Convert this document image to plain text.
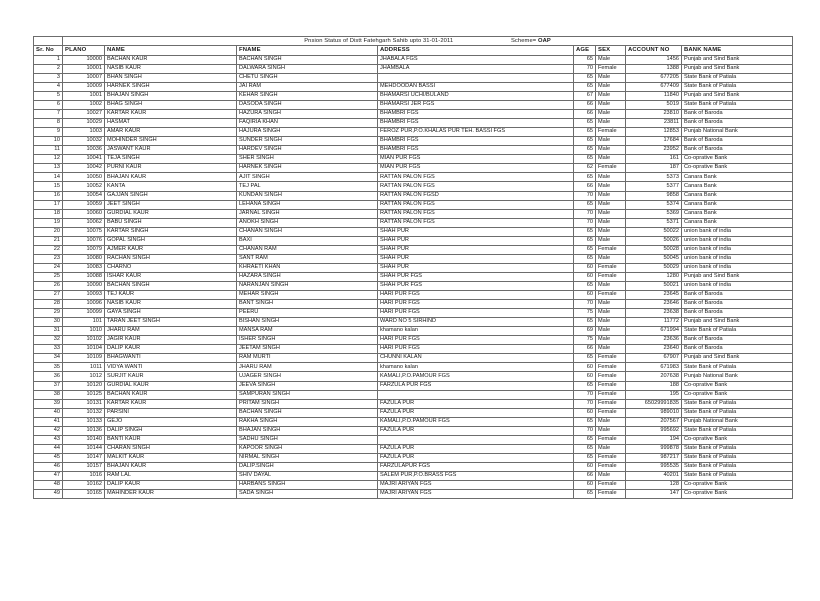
	Pnsion Status of Distt Fatehgarh Sahib upto 31-01-2011 Scheme= OAP							
Sr. No	PLANO	NAME	FNAME	ADDRESS	AGE	SEX	ACCOUNT NO	BANK NAME
1	10000	BACHAN KAUR	BACHAN SINGH	JHABALA FGS	65	Male	1456	Punjab and Sind Bank
2	10001	NASIB KAUR	DALWARA SINGH	JHAMBALA	70	Female	1388	Punjab and Sind Bank
3	10007	BHAN SINGH	CHETU SINGH		65	Male	677205	State Bank of Patiala
4	10009	HARNEK SINGH	JAI RAM	MEHDOODAN BASSI	65	Male	677409	State Bank of Patiala
5	1001	BHAJAN SINGH	KEHAR SINGH	BHAMARSI UCHI/BULAND	67	Male	11840	Punjab and Sind Bank
6	1002	BHAG SINGH	DASODA SINGH	BHAMARSI JER FGS	66	Male	5019	State Bank of Patiala
7	10027	KARTAR KAUR	HAZURA SINGH	BHAMBRI FGS	66	Male	23810	Bank of Baroda
8	10029	HASMAT	FAQIRIA KHAN	BHAMBRI FGS	65	Male	23811	Bank of Baroda
9	1003	AMAR KAUR	HAJURA SINGH	FEROZ PUR,P.O.KHALAS PUR TEH. BASSI FGS	65	Female	12853	Punjab National Bank
10	10032	MOHINDER SINGH	SUNDER SINGH	BHAMBRI FGS	65	Male	17684	Bank of Baroda
11	10036	JASWANT KAUR	HARDEV SINGH	BHAMBRI FGS	65	Male	23952	Bank of Baroda
12	10041	TEJA SINGH	SHER SINGH	MIAN PUR FGS	65	Male	161	Co-oprative Bank
13	10042	PURNI KAUR	HARNEK SINGH	MIAN PUR FGS	62	Female	187	Co-oprative Bank
14	10050	BHAJAN KAUR	AJIT SINGH	RATTAN PALON FGS	65	Male	5373	Canara Bank
15	10052	KANTA	TEJ PAL	RATTAN PALON FGS	66	Male	5377	Canara Bank
16	10054	GAJJAN SINGH	KUNDAN SINGH	RATTAN PALON FGSD	70	Male	9858	Canara Bank
17	10059	JEET SINGH	LEHANA SINGH	RATTAN PALON FGS	65	Male	5374	Canara Bank
18	10060	GURDIAL KAUR	JARNAL SINGH	RATTAN PALON FGS	70	Male	5369	Canara Bank
19	10062	BABU SINGH	ANOKH SINGH	RATTAN PALON FGS	70	Male	5371	Canara Bank
20	10075	KARTAR SINGH	CHANAN SINGH	SHAH PUR	65	Male	50022	union bank of india
21	10076	GOPAL SINGH	BAXI	SHAH PUR	65	Male	50026	union bank of india
22	10079	AJMER KAUR	CHANAN RAM	SHAH PUR	65	Female	50028	union bank of india
23	10080	RACHAN SINGH	SANT RAM	SHAH PUR	65	Male	50045	union bank of india
24	10083	CHARNO	KHRAETI KHAN	SHAH PUR	60	Female	50029	union bank of india
25	10088	ISHAR KAUR	HAZARA SINGH	SHAH PUR FGS	60	Female	1280	Punjab and Sind Bank
26	10090	BACHAN SINGH	NARANJAN SINGH	SHAH PUR FGS	65	Male	50021	union bank of india
27	10093	TEJ KAUR	MEHAR SINGH	HARI PUR FGS	60	Female	23645	Bank of Baroda
28	10096	NASIB KAUR	BANT SINGH	HARI PUR FGS	70	Male	23646	Bank of Baroda
29	10099	GAYA SINGH	PEERU	HARI PUR FGS	75	Male	23638	Bank of Baroda
30	101	TARAN JEET SINGH	BISHAN SINGH	WARD NO 5 SIRHIND	65	Male	11772	Punjab and Sind Bank
31	1010	JHARU RAM	MANSA RAM	khamano kalan	69	Male	671994	State Bank of Patiala
32	10102	JAGIR KAUR	ISHER SINGH	HARI PUR FGS	75	Male	23636	Bank of Baroda
33	10104	DALIP KAUR	JEETAM SINGH	HARI PUR FGS	66	Male	23640	Bank of Baroda
34	10109	BHAGWANTI	RAM MURTI	CHUNNI KALAN	65	Female	67907	Punjab and Sind Bank
35	1011	VIDYA WANTI	JHARU RAM	khamano kalan	60	Female	671983	State Bank of Patiala
36	1012	SURJIT KAUR	UJAGER SINGH	KAMALI,P.O.PAMOUR FGS	60	Female	207638	Punjab National Bank
37	10120	GURDIAL KAUR	JEEVA SINGH	FARZULA PUR FGS	65	Female	188	Co-oprative Bank
38	10125	BACHAN KAUR	SAMPURAN SINGH		70	Female	195	Co-oprative Bank
39	10131	KARTAR KAUR	PRITAM SINGH	FAZULA PUR	70	Female	65029991835	State Bank of Patiala
40	10132	PARSINI	BACHAN SINGH	FAZULA PUR	60	Female	989010	State Bank of Patiala
41	10133	GEJO	RAKHA SINGH	KAMALI,P.O.PAMOUR FGS	65	Male	207567	Punjab National Bank
42	10136	DALIP SINGH	BHAJAN SINGH	FAZULA PUR	70	Male	995692	State Bank of Patiala
43	10140	BANTI KAUR	SADHU SINGH		65	Female	194	Co-oprative Bank
44	10144	CHARAN SINGH	KAPOOR SINGH	FAZULA PUR	65	Male	999878	State Bank of Patiala
45	10147	MALKIT KAUR	NIRMAL SINGH	FAZULA PUR	65	Female	987217	State Bank of Patiala
46	10157	BHAJAN KAUR	DALIP.SINGH	FARZULAPUR FGS	60	Female	995535	State Bank of Patiala
47	1016	RAM LAL	SHIV DAYAL	SALEM PUR,P.O.BRASS FGS	66	Male	40201	State Bank of Patiala
48	10162	DALIP KAUR	HARBANS SINGH	MAJRI ARIYAN FGS	60	Female	128	Co-oprative Bank
49	10165	MAHINDER KAUR	SADA SINGH	MAJRI ARIYAN FGS	65	Female	147	Co-oprative Bank
